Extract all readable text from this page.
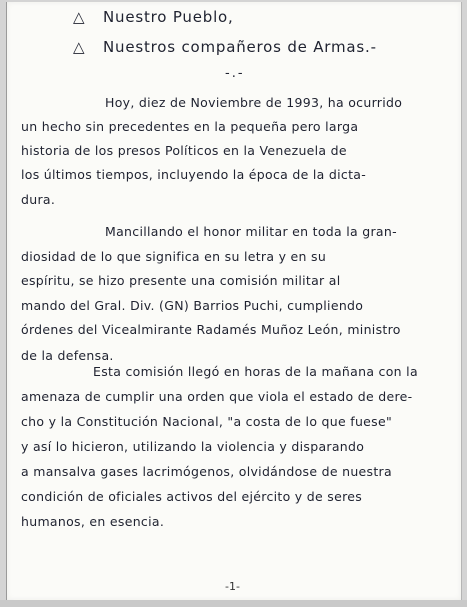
△ Nuestro Pueblo,
△ Nuestros compañeros de Armas.-
-.-
Hoy, diez de Noviembre de 1993, ha ocurrido
un hecho sin precedentes en la pequeña pero larga
historia de los presos Políticos en la Venezuela de
los últimos tiempos, incluyendo la época de la dicta-
dura.
Mancillando el honor militar en toda la gran-
diosidad de lo que significa en su letra y en su
espíritu, se hizo presente una comisión militar al
mando del Gral. Div. (GN) Barrios Puchi, cumpliendo
órdenes del Vicealmirante Radamés Muñoz León, ministro
de la defensa.
Esta comisión llegó en horas de la mañana con la
amenaza de cumplir una orden que viola el estado de dere-
cho y la Constitución Nacional, "a costa de lo que fuese"
y así lo hicieron, utilizando la violencia y disparando
a mansalva gases lacrimógenos, olvidándose de nuestra
condición de oficiales activos del ejército y de seres
humanos, en esencia.
-1-
